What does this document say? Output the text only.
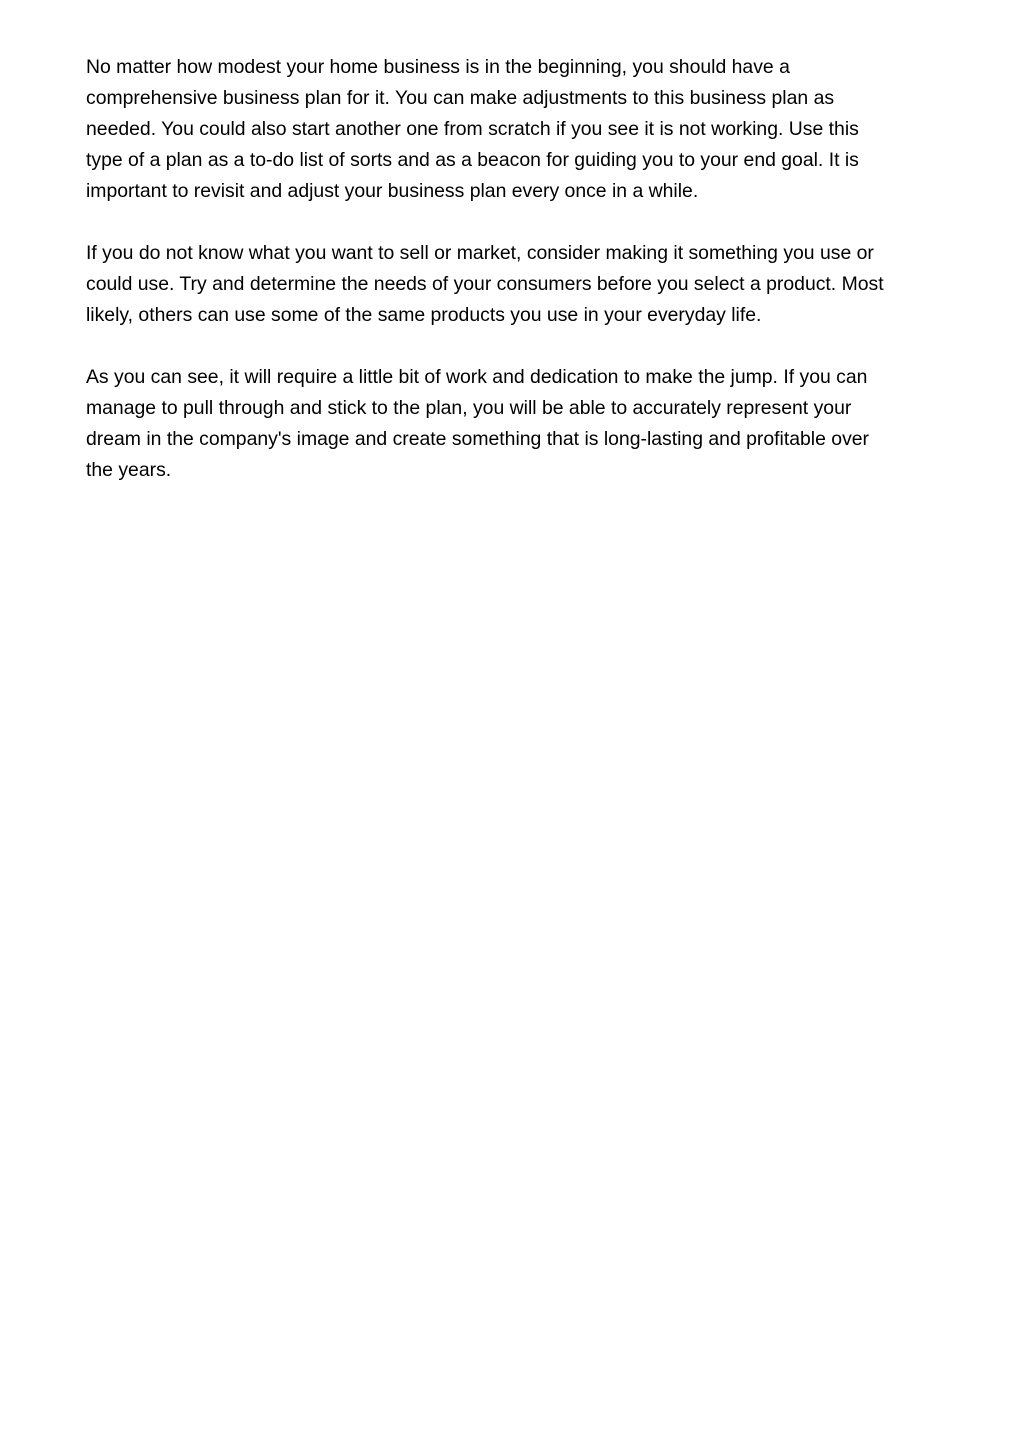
No matter how modest your home business is in the beginning, you should have a
comprehensive business plan for it. You can make adjustments to this business plan as
needed. You could also start another one from scratch if you see it is not working. Use this
type of a plan as a to-do list of sorts and as a beacon for guiding you to your end goal. It is
important to revisit and adjust your business plan every once in a while.

If you do not know what you want to sell or market, consider making it something you use or
could use. Try and determine the needs of your consumers before you select a product. Most
likely, others can use some of the same products you use in your everyday life.

As you can see, it will require a little bit of work and dedication to make the jump. If you can
manage to pull through and stick to the plan, you will be able to accurately represent your
dream in the company's image and create something that is long-lasting and profitable over
the years.
